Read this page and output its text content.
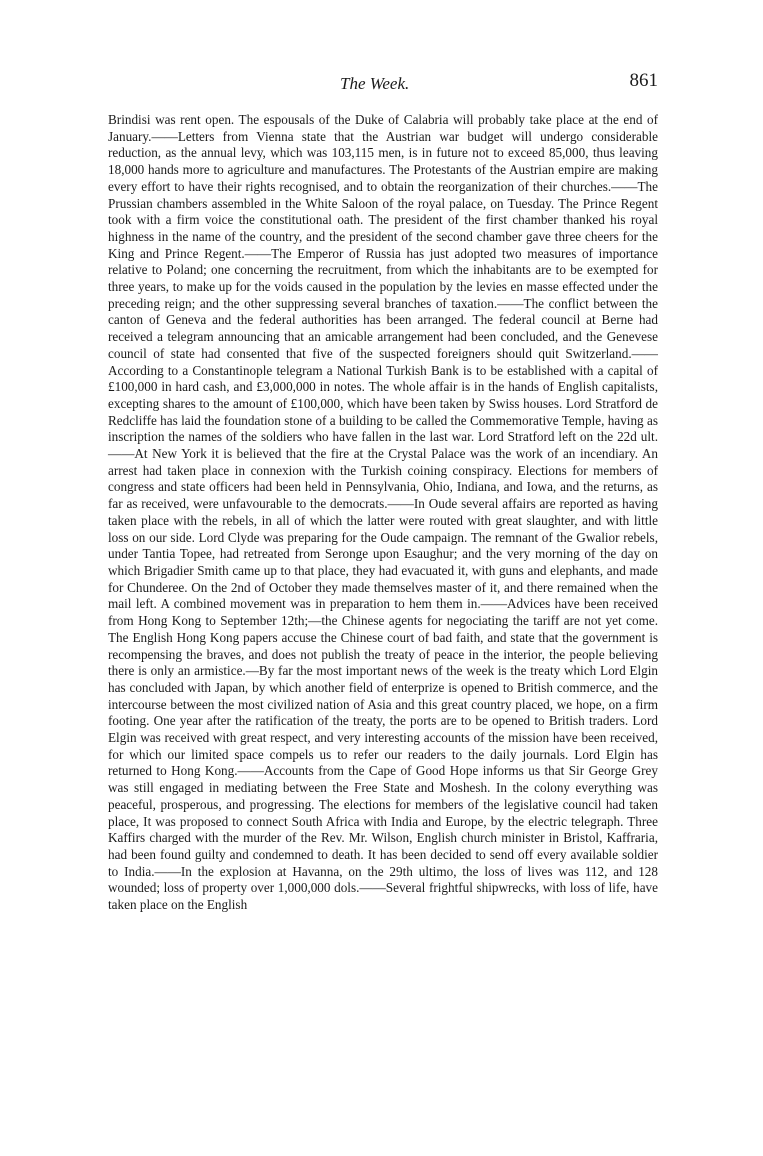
The Week.	861

Brindisi was rent open. The espousals of the Duke of Calabria will probably take place at the end of January.——Letters from Vienna state that the Austrian war budget will undergo considerable reduction, as the annual levy, which was 103,115 men, is in future not to exceed 85,000, thus leaving 18,000 hands more to agriculture and manufactures. The Protestants of the Austrian empire are making every effort to have their rights recognised, and to obtain the reorganization of their churches.——The Prussian chambers assembled in the White Saloon of the royal palace, on Tuesday. The Prince Regent took with a firm voice the constitutional oath. The president of the first chamber thanked his royal highness in the name of the country, and the president of the second chamber gave three cheers for the King and Prince Regent.——The Emperor of Russia has just adopted two measures of importance relative to Poland; one concerning the recruitment, from which the inhabitants are to be exempted for three years, to make up for the voids caused in the population by the levies en masse effected under the preceding reign; and the other suppressing several branches of taxation.——The conflict between the canton of Geneva and the federal authorities has been arranged. The federal council at Berne had received a telegram announcing that an amicable arrangement had been concluded, and the Genevese council of state had consented that five of the suspected foreigners should quit Switzerland.——According to a Constantinople telegram a National Turkish Bank is to be established with a capital of £100,000 in hard cash, and £3,000,000 in notes. The whole affair is in the hands of English capitalists, excepting shares to the amount of £100,000, which have been taken by Swiss houses. Lord Stratford de Redcliffe has laid the foundation stone of a building to be called the Commemorative Temple, having as inscription the names of the soldiers who have fallen in the last war. Lord Stratford left on the 22d ult.——At New York it is believed that the fire at the Crystal Palace was the work of an incendiary. An arrest had taken place in connexion with the Turkish coining conspiracy. Elections for members of congress and state officers had been held in Pennsylvania, Ohio, Indiana, and Iowa, and the returns, as far as received, were unfavourable to the democrats.——In Oude several affairs are reported as having taken place with the rebels, in all of which the latter were routed with great slaughter, and with little loss on our side. Lord Clyde was preparing for the Oude campaign. The remnant of the Gwalior rebels, under Tantia Topee, had retreated from Seronge upon Esaughur; and the very morning of the day on which Brigadier Smith came up to that place, they had evacuated it, with guns and elephants, and made for Chunderee. On the 2nd of October they made themselves master of it, and there remained when the mail left. A combined movement was in preparation to hem them in.——Advices have been received from Hong Kong to September 12th;—the Chinese agents for negociating the tariff are not yet come. The English Hong Kong papers accuse the Chinese court of bad faith, and state that the government is recompensing the braves, and does not publish the treaty of peace in the interior, the people believing there is only an armistice.—By far the most important news of the week is the treaty which Lord Elgin has concluded with Japan, by which another field of enterprize is opened to British commerce, and the intercourse between the most civilized nation of Asia and this great country placed, we hope, on a firm footing. One year after the ratification of the treaty, the ports are to be opened to British traders. Lord Elgin was received with great respect, and very interesting accounts of the mission have been received, for which our limited space compels us to refer our readers to the daily journals. Lord Elgin has returned to Hong Kong.——Accounts from the Cape of Good Hope informs us that Sir George Grey was still engaged in mediating between the Free State and Moshesh. In the colony everything was peaceful, prosperous, and progressing. The elections for members of the legislative council had taken place, It was proposed to connect South Africa with India and Europe, by the electric telegraph. Three Kaffirs charged with the murder of the Rev. Mr. Wilson, English church minister in Bristol, Kaffraria, had been found guilty and condemned to death. It has been decided to send off every available soldier to India.——In the explosion at Havanna, on the 29th ultimo, the loss of lives was 112, and 128 wounded; loss of property over 1,000,000 dols.——Several frightful shipwrecks, with loss of life, have taken place on the English
